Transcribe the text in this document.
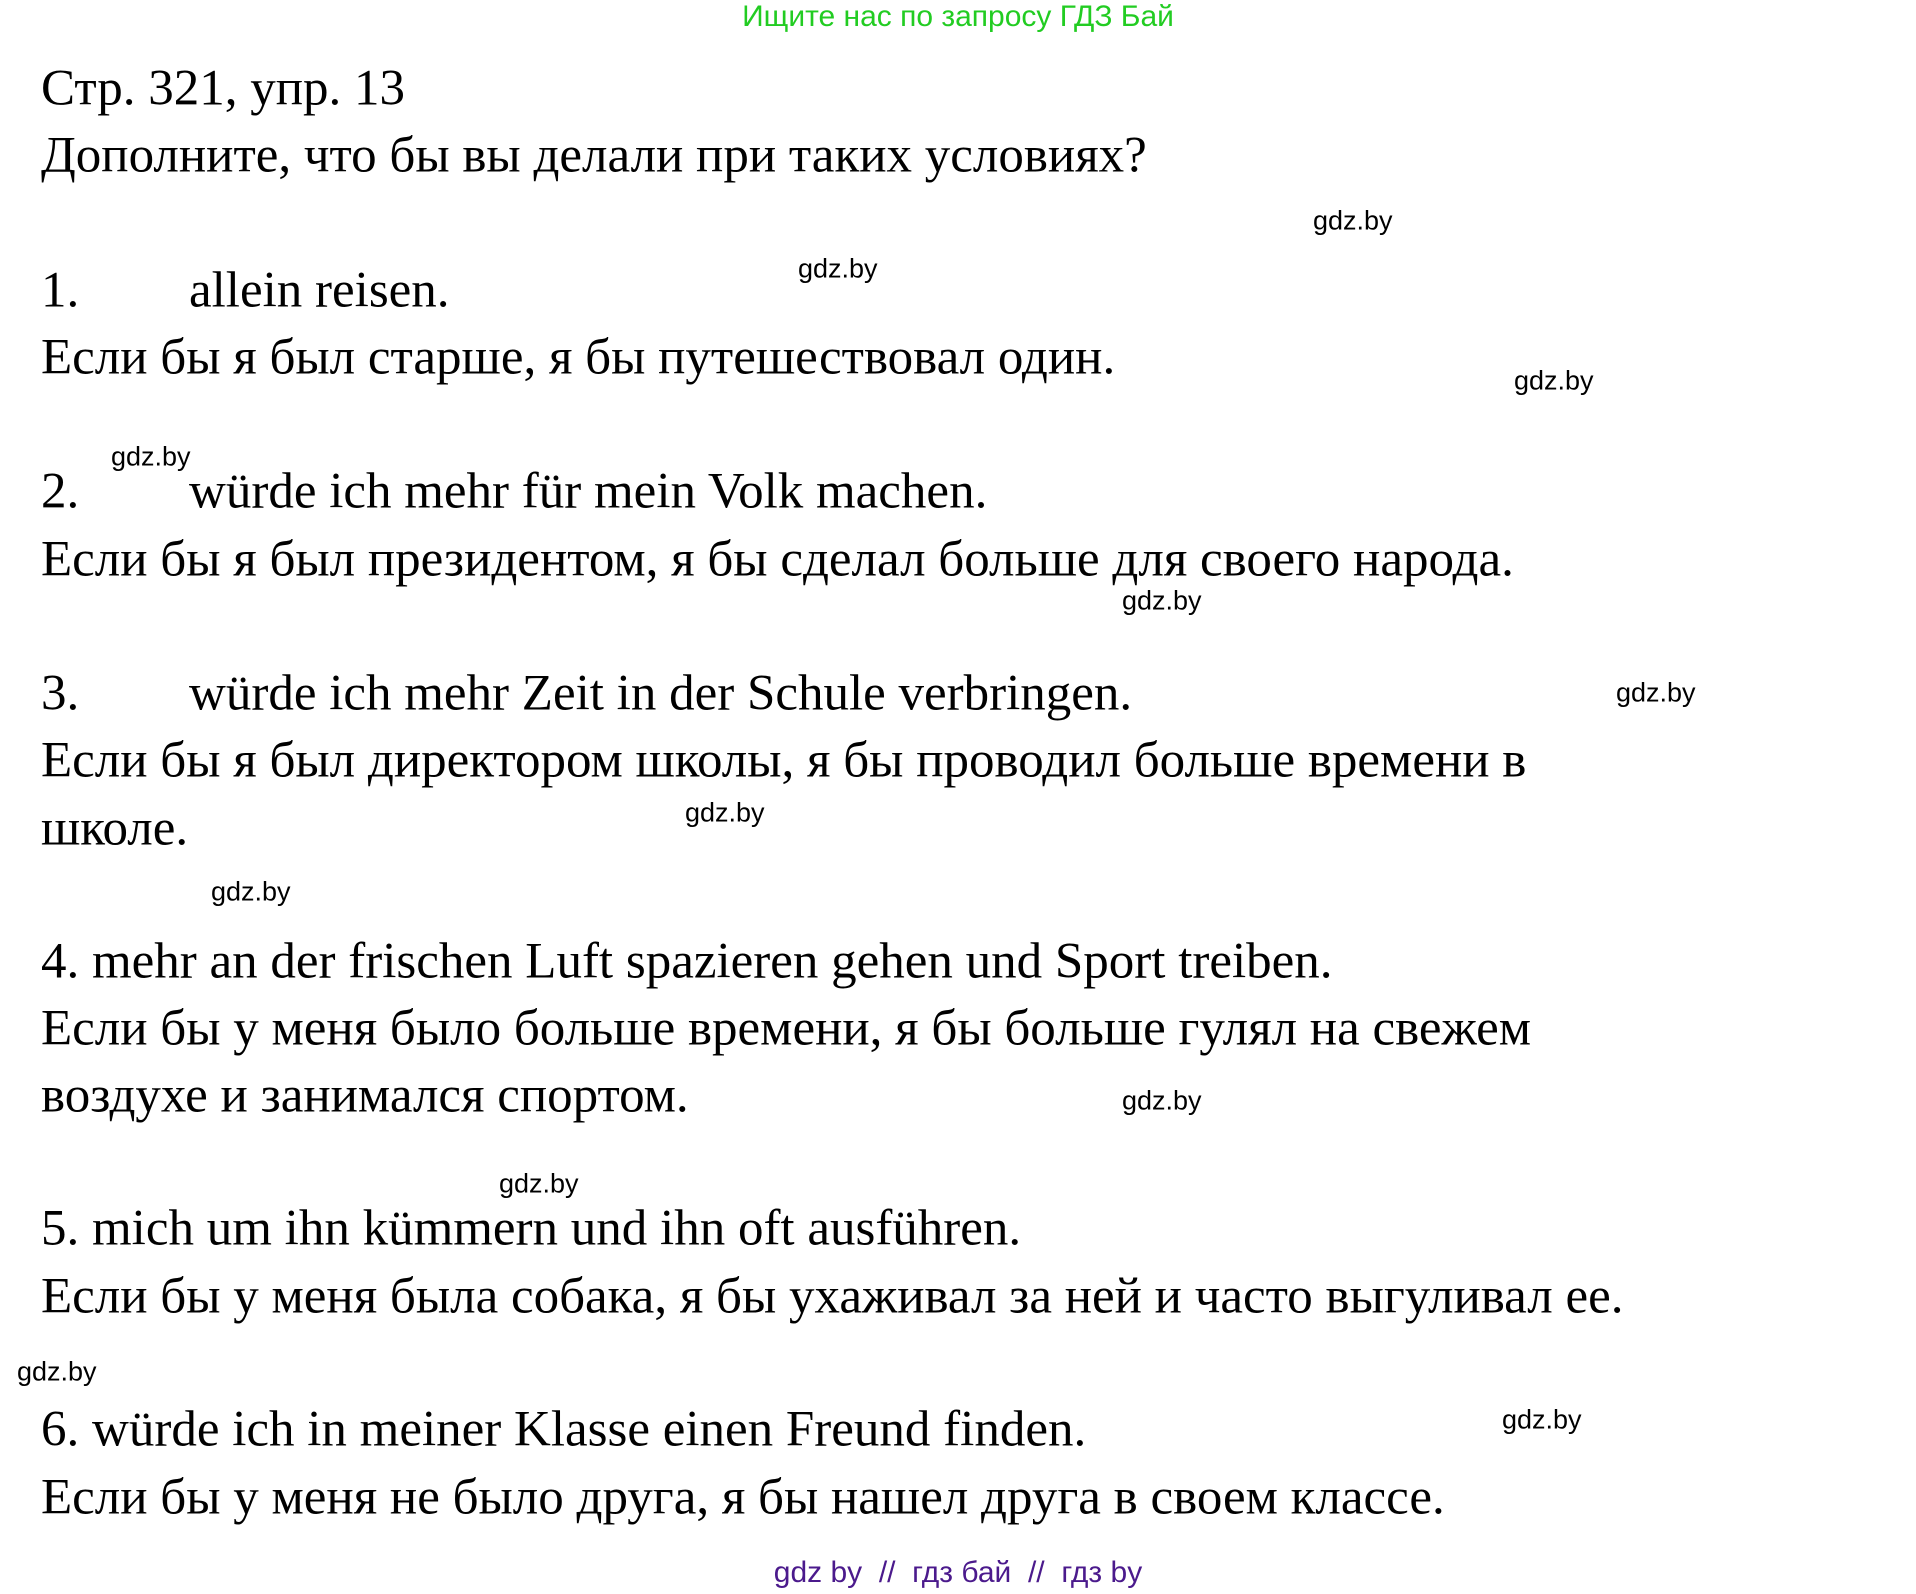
Ищите нас по запросу ГДЗ Бай
Стр. 321, упр. 13
Дополните, что бы вы делали при таких условиях?
1. allein reisen.
Если бы я был старше, я бы путешествовал один.
2. würde ich mehr für mein Volk machen.
Если бы я был президентом, я бы сделал больше для своего народа.
3. würde ich mehr Zeit in der Schule verbringen.
Если бы я был директором школы, я бы проводил больше времени в
школе.
4. mehr an der frischen Luft spazieren gehen und Sport treiben.
Если бы у меня было больше времени, я бы больше гулял на свежем
воздухе и занимался спортом.
5. mich um ihn kümmern und ihn oft ausführen.
Если бы у меня была собака, я бы ухаживал за ней и часто выгуливал ее.
6. würde ich in meiner Klasse einen Freund finden.
Если бы у меня не было друга, я бы нашел друга в своем классе.
gdz.by
gdz.by
gdz.by
gdz.by
gdz.by
gdz.by
gdz.by
gdz.by
gdz.by
gdz.by
gdz.by
gdz.by
gdz by  //  гдз бай  //  гдз by
